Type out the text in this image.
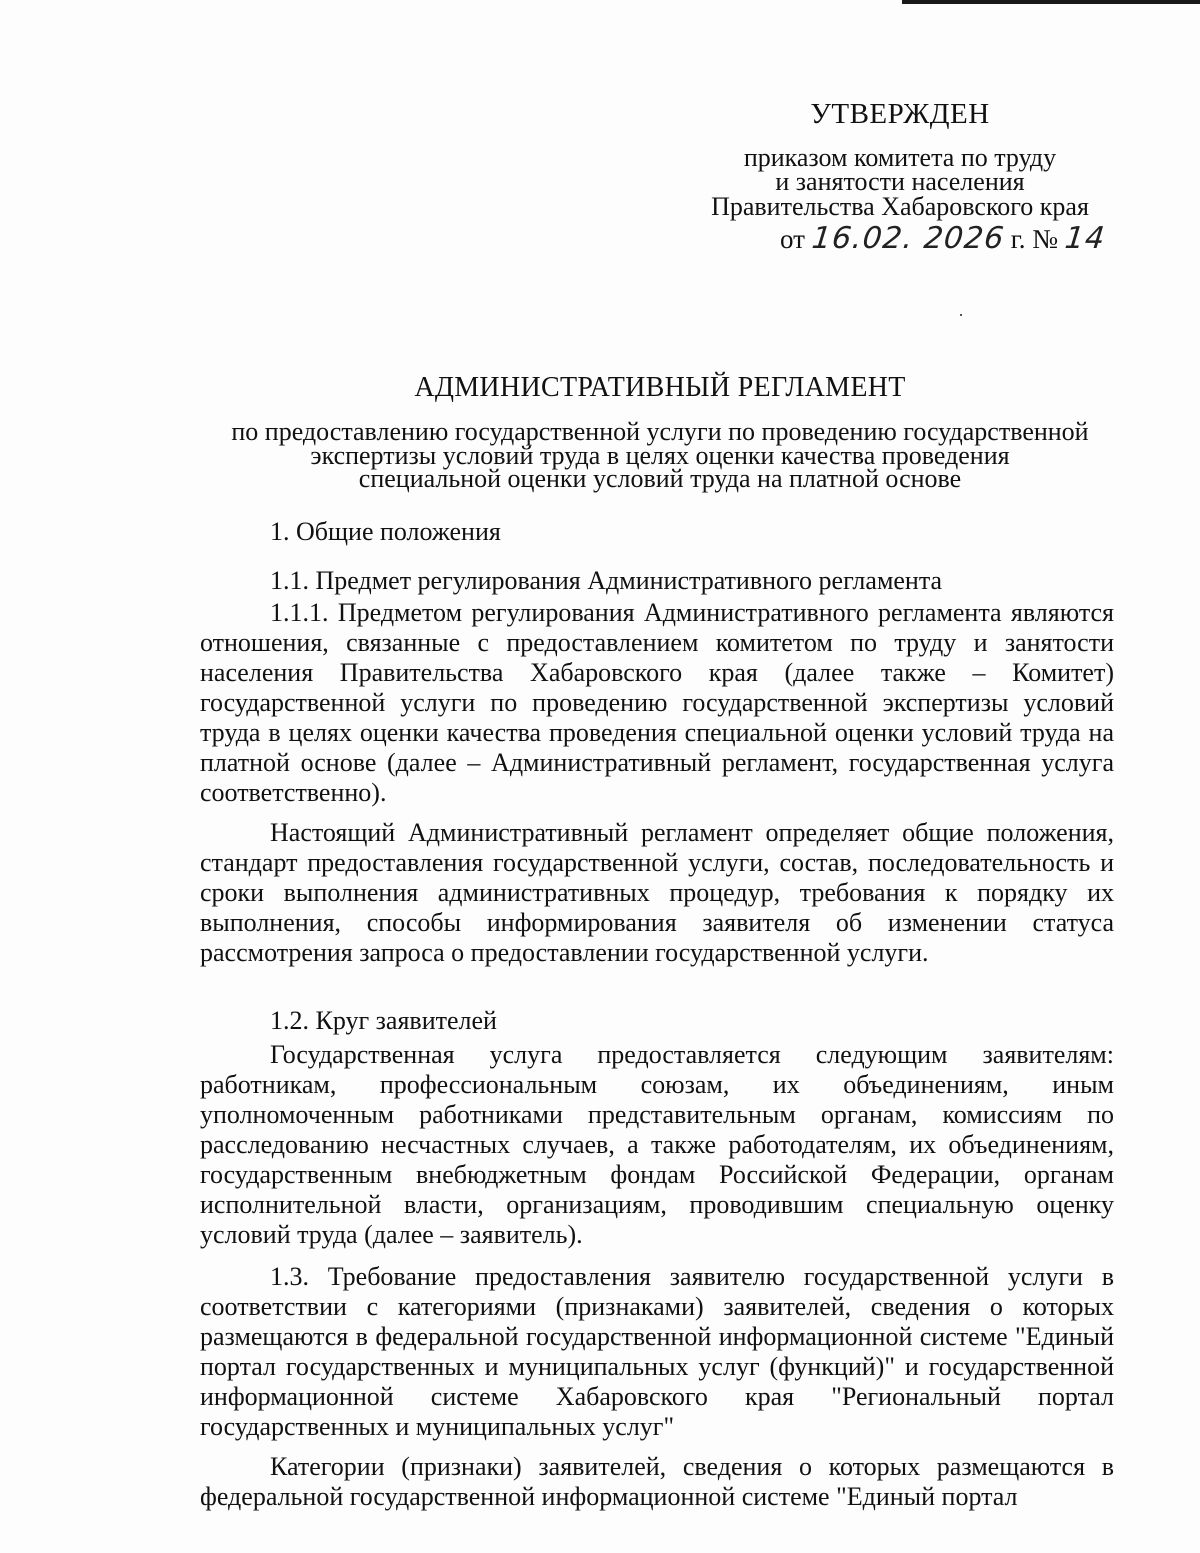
УТВЕРЖДЕН
приказом комитета по труду
и занятости населения
Правительства Хабаровского края
от 16.02. 2026 г. № 14
АДМИНИСТРАТИВНЫЙ РЕГЛАМЕНТ
по предоставлению государственной услуги по проведению государственной
экспертизы условий труда в целях оценки качества проведения
специальной оценки условий труда на платной основе
1. Общие положения
1.1. Предмет регулирования Административного регламента

1.1.1. Предметом регулирования Административного регламента являются отношения, связанные с предоставлением комитетом по труду и занятости населения Правительства Хабаровского края (далее также – Комитет) государственной услуги по проведению государственной экспертизы условий труда в целях оценки качества проведения специальной оценки условий труда на платной основе (далее – Административный регламент, государственная услуга соответственно).

Настоящий Административный регламент определяет общие положения, стандарт предоставления государственной услуги, состав, последовательность и сроки выполнения административных процедур, требования к порядку их выполнения, способы информирования заявителя об изменении статуса рассмотрения запроса о предоставлении государственной услуги.

1.2. Круг заявителей

Государственная услуга предоставляется следующим заявителям: работникам, профессиональным союзам, их объединениям, иным уполномоченным работниками представительным органам, комиссиям по расследованию несчастных случаев, а также работодателям, их объединениям, государственным внебюджетным фондам Российской Федерации, органам исполнительной власти, организациям, проводившим специальную оценку условий труда (далее – заявитель).

1.3. Требование предоставления заявителю государственной услуги в соответствии с категориями (признаками) заявителей, сведения о которых размещаются в федеральной государственной информационной системе "Единый портал государственных и муниципальных услуг (функций)" и государственной информационной системе Хабаровского края "Региональный портал государственных и муниципальных услуг"

Категории (признаки) заявителей, сведения о которых размещаются в федеральной государственной информационной системе "Единый портал
